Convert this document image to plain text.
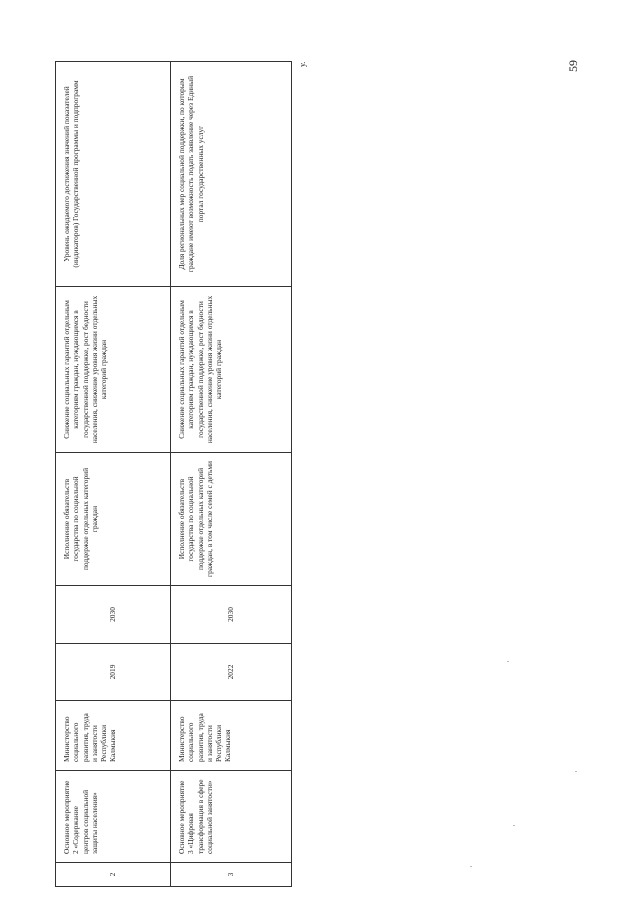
2	Основное мероприятие 2 «Содержание центров социальной защиты населения»	Министерство социального развития, труда и занятости Республики Калмыкия	2019	2030	Исполнение обязательств государства по социальной поддержке отдельных категорий граждан	Снижение социальных гарантий отдельным категориям граждан, нуждающимся в государственной поддержке, рост бедности населения, снижение уровня жизни отдельных категорий граждан	Уровень ожидаемого достижения значений показателей (индикаторов) Государственной программы и подпрограмм
3	Основное мероприятие 3 «Цифровая трансформация в сфере социальной занятости»	Министерство социального развития, труда и занятости Республики Калмыкия	2022	2030	Исполнение обязательств государства по социальной поддержке отдельных категорий граждан, в том числе семей с детьми	Снижение социальных гарантий отдельным категориям граждан, нуждающимся в государственной поддержке, рост бедности населения, снижение уровня жизни отдельных категорий граждан	Доля региональных мер социальной поддержки, по которым граждане имеют возможность подать заявление через Единый портал государственных услуг
у.	59
